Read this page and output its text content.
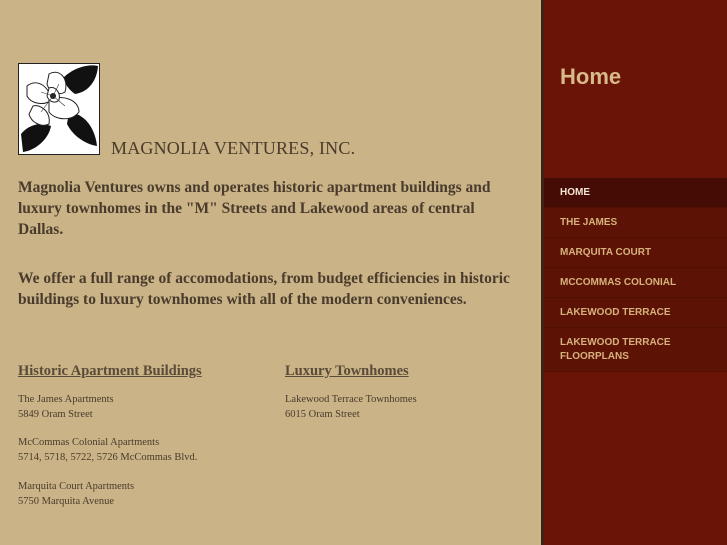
MAGNOLIA VENTURES, INC.

Magnolia Ventures owns and operates historic apartment buildings and luxury townhomes in the "M" Streets and Lakewood areas of central Dallas.

We offer a full range of accomodations, from budget efficiencies in historic buildings to luxury townhomes with all of the modern conveniences.

Historic Apartment Buildings	Luxury Townhomes
The James Apartments
5849 Oram Street
McCommas Colonial Apartments
5714, 5718, 5722, 5726 McCommas Blvd.
Marquita Court Apartments
5750 Marquita Avenue
Lakewood Terrace Townhomes
6015 Oram Street
Home
HOME
THE JAMES
MARQUITA COURT
MCCOMMAS COLONIAL
LAKEWOOD TERRACE
LAKEWOOD TERRACE FLOORPLANS
